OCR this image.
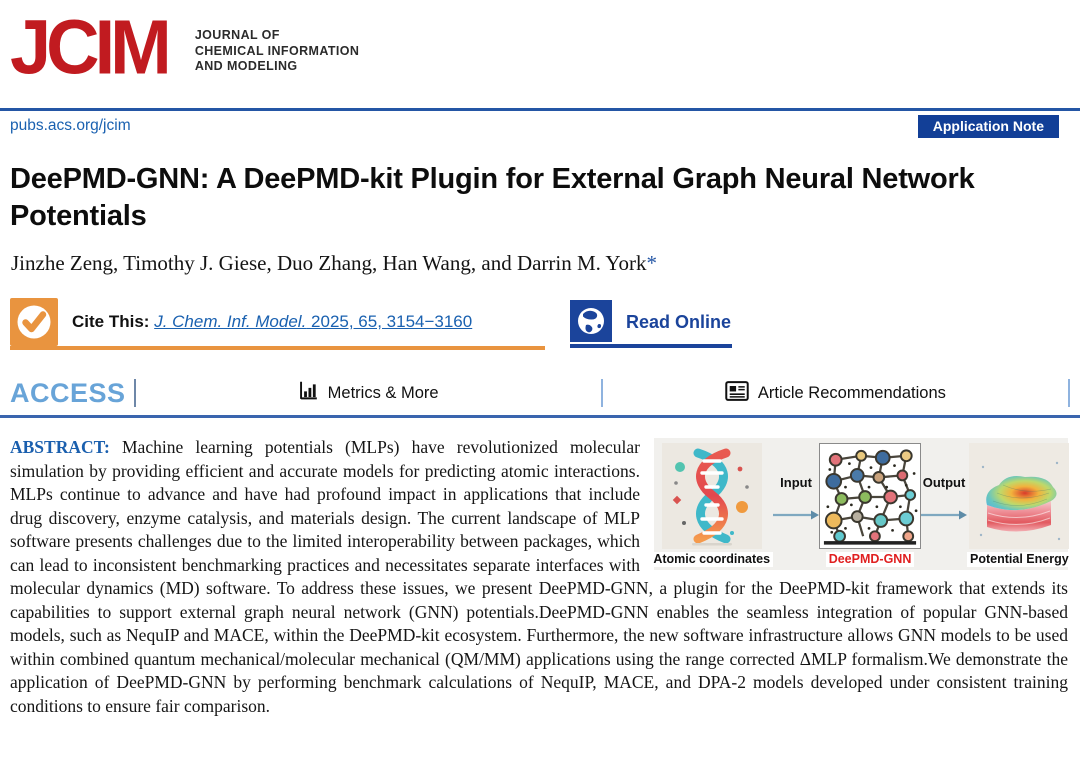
JCIM JOURNAL OF
CHEMICAL INFORMATION
AND MODELING
pubs.acs.org/jcim	Application Note
DeePMD-GNN: A DeePMD-kit Plugin for External Graph Neural Network Potentials
Jinzhe Zeng, Timothy J. Giese, Duo Zhang, Han Wang, and Darrin M. York*
Cite This: J. Chem. Inf. Model. 2025, 65, 3154−3160	Read Online
ACCESS	Metrics & More	Article Recommendations
Atomic coordinates
Input
DeePMD-GNN
Output
Potential Energy

ABSTRACT: Machine learning potentials (MLPs) have revolutionized molecular simulation by providing efficient and accurate models for predicting atomic interactions. MLPs continue to advance and have had profound impact in applications that include drug discovery, enzyme catalysis, and materials design. The current landscape of MLP software presents challenges due to the limited interoperability between packages, which can lead to inconsistent benchmarking practices and necessitates separate interfaces with molecular dynamics (MD) software. To address these issues, we present DeePMD-GNN, a plugin for the DeePMD-kit framework that extends its capabilities to support external graph neural network (GNN) potentials.DeePMD-GNN enables the seamless integration of popular GNN-based models, such as NequIP and MACE, within the DeePMD-kit ecosystem. Furthermore, the new software infrastructure allows GNN models to be used within combined quantum mechanical/molecular mechanical (QM/MM) applications using the range corrected ΔMLP formalism.We demonstrate the application of DeePMD-GNN by performing benchmark calculations of NequIP, MACE, and DPA-2 models developed under consistent training conditions to ensure fair comparison.
